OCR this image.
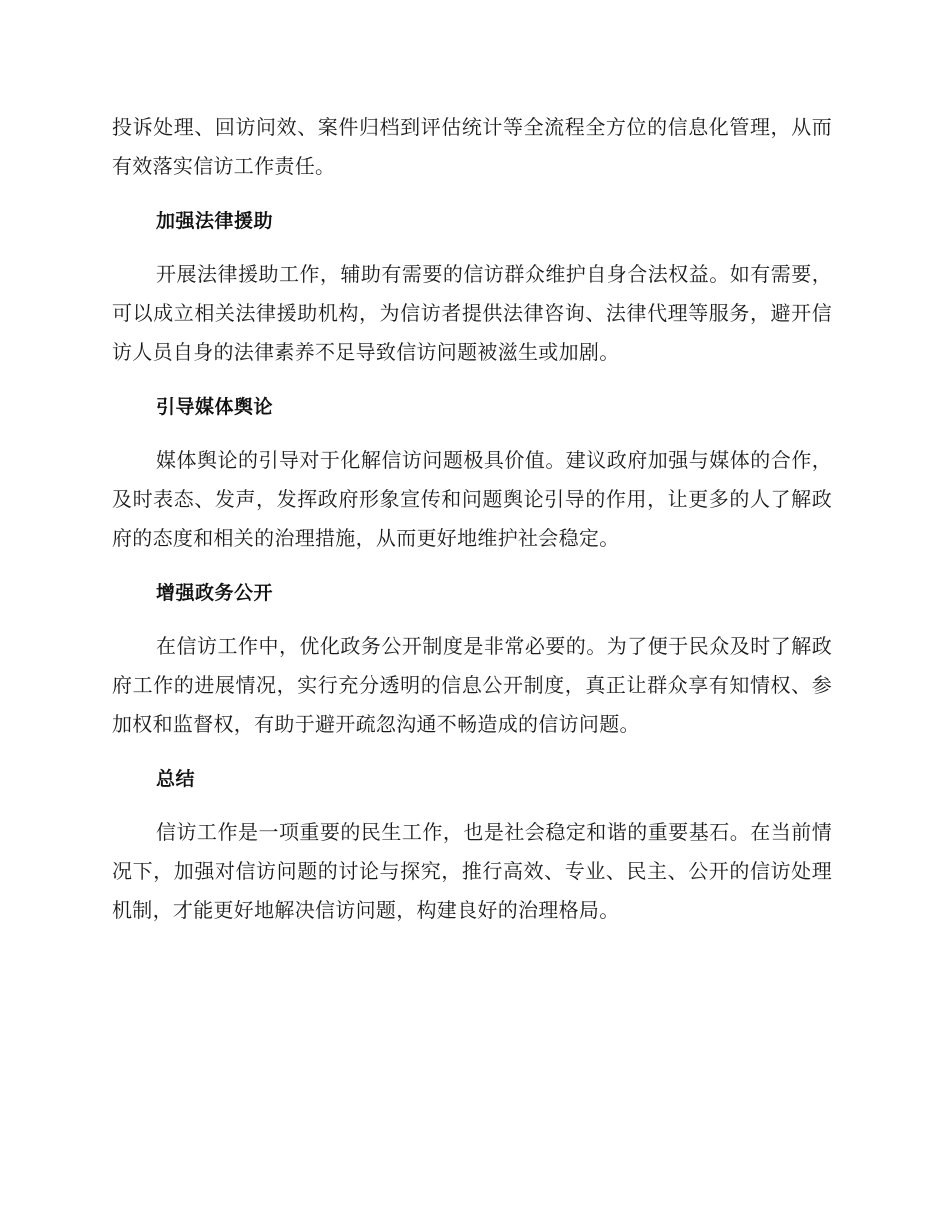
投诉处理、回访问效、案件归档到评估统计等全流程全方位的信息化管理，从而有效落实信访工作责任。

加强法律援助

开展法律援助工作，辅助有需要的信访群众维护自身合法权益。如有需要，可以成立相关法律援助机构，为信访者提供法律咨询、法律代理等服务，避开信访人员自身的法律素养不足导致信访问题被滋生或加剧。

引导媒体舆论

媒体舆论的引导对于化解信访问题极具价值。建议政府加强与媒体的合作，及时表态、发声，发挥政府形象宣传和问题舆论引导的作用，让更多的人了解政府的态度和相关的治理措施，从而更好地维护社会稳定。

增强政务公开

在信访工作中，优化政务公开制度是非常必要的。为了便于民众及时了解政府工作的进展情况，实行充分透明的信息公开制度，真正让群众享有知情权、参加权和监督权，有助于避开疏忽沟通不畅造成的信访问题。

总结

信访工作是一项重要的民生工作，也是社会稳定和谐的重要基石。在当前情况下，加强对信访问题的讨论与探究，推行高效、专业、民主、公开的信访处理机制，才能更好地解决信访问题，构建良好的治理格局。
